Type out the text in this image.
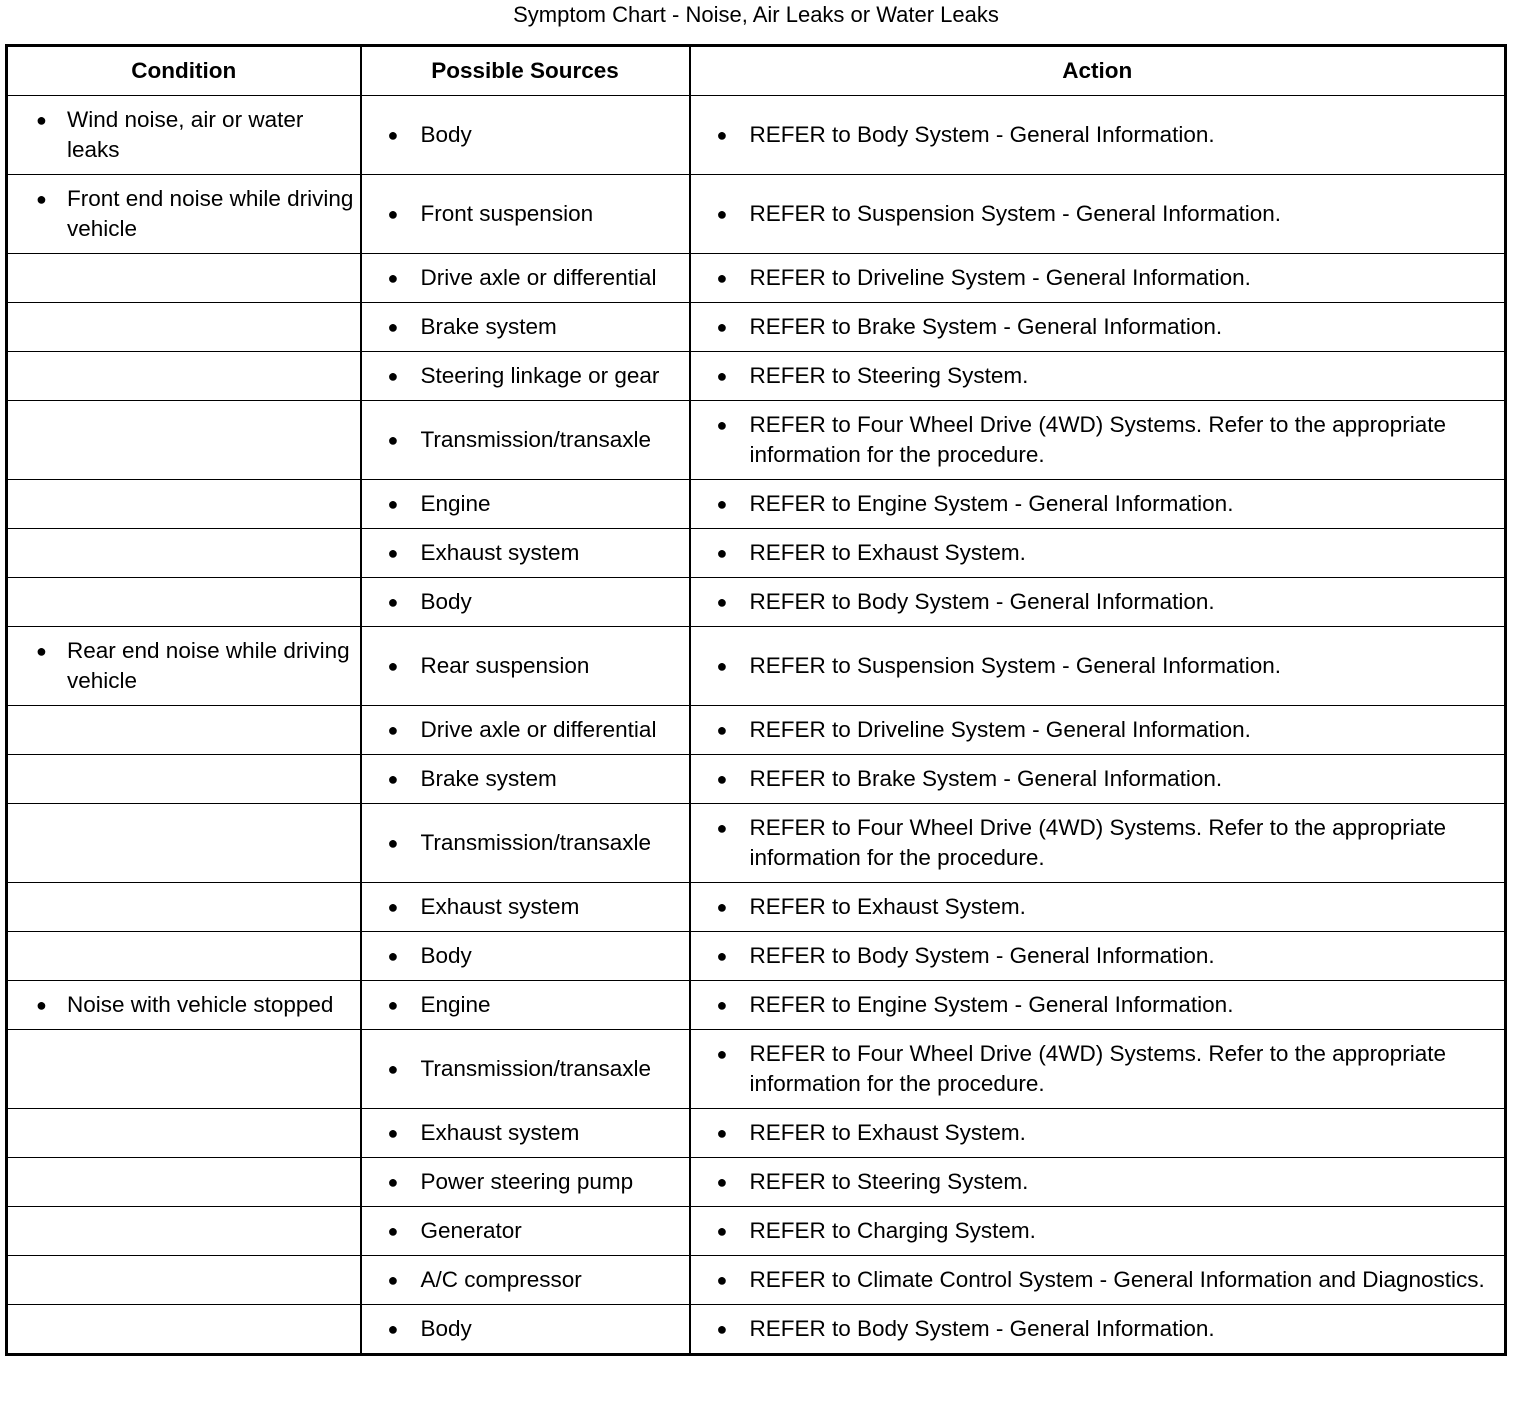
Symptom Chart - Noise, Air Leaks or Water Leaks
Condition	Possible Sources	Action

● Wind noise, air or water leaks	● Body	● REFER to Body System - General Information.

● Front end noise while driving vehicle	● Front suspension	● REFER to Suspension System - General Information.

	● Drive axle or differential	● REFER to Driveline System - General Information.

	● Brake system	● REFER to Brake System - General Information.

	● Steering linkage or gear	● REFER to Steering System.

	● Transmission/transaxle	● REFER to Four Wheel Drive (4WD) Systems. Refer to the appropriate information for the procedure.

	● Engine	● REFER to Engine System - General Information.

	● Exhaust system	● REFER to Exhaust System.

	● Body	● REFER to Body System - General Information.

● Rear end noise while driving vehicle	● Rear suspension	● REFER to Suspension System - General Information.

	● Drive axle or differential	● REFER to Driveline System - General Information.

	● Brake system	● REFER to Brake System - General Information.

	● Transmission/transaxle	● REFER to Four Wheel Drive (4WD) Systems. Refer to the appropriate information for the procedure.

	● Exhaust system	● REFER to Exhaust System.

	● Body	● REFER to Body System - General Information.

● Noise with vehicle stopped	● Engine	● REFER to Engine System - General Information.

	● Transmission/transaxle	● REFER to Four Wheel Drive (4WD) Systems. Refer to the appropriate information for the procedure.

	● Exhaust system	● REFER to Exhaust System.

	● Power steering pump	● REFER to Steering System.

	● Generator	● REFER to Charging System.

	● A/C compressor	● REFER to Climate Control System - General Information and Diagnostics.

	● Body	● REFER to Body System - General Information.
